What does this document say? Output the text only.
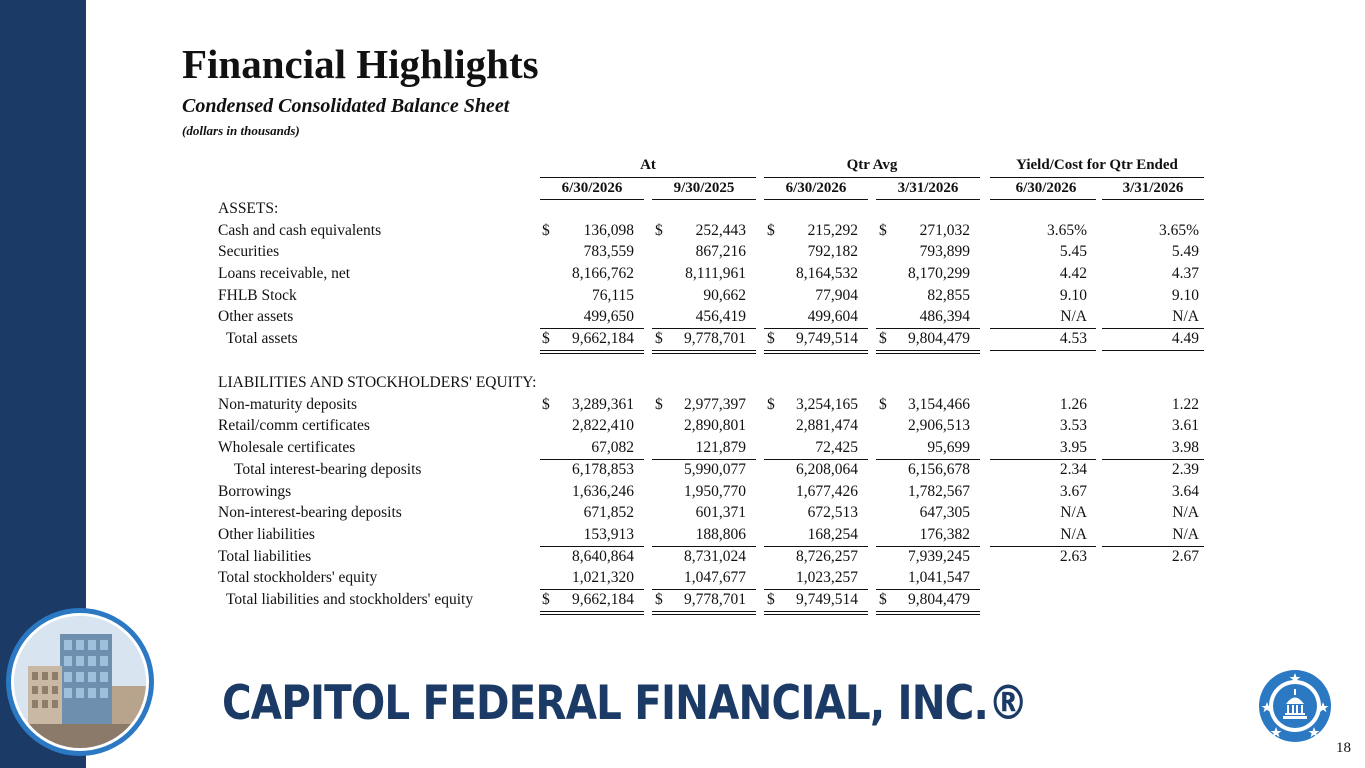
Financial Highlights
Condensed Consolidated Balance Sheet
(dollars in thousands)
At	Qtr Avg	Yield/Cost for Qtr Ended
6/30/2026	9/30/2025	6/30/2026	3/31/2026	6/30/2026	3/31/2026
ASSETS:
Cash and cash equivalents	136,098	252,443	215,292	271,032	3.65%	3.65%
$	$	$	$
Securities	783,559	867,216	792,182	793,899	5.45	5.49
Loans receivable, net	8,166,762	8,111,961	8,164,532	8,170,299	4.42	4.37
FHLB Stock	76,115	90,662	77,904	82,855	9.10	9.10
Other assets	499,650	456,419	499,604	486,394	N/A	N/A
Total assets	9,662,184	9,778,701	9,749,514	9,804,479	4.53	4.49
$	$	$	$
LIABILITIES AND STOCKHOLDERS' EQUITY:
Non-maturity deposits	3,289,361	2,977,397	3,254,165	3,154,466	1.26	1.22
$	$	$	$
Retail/comm certificates	2,822,410	2,890,801	2,881,474	2,906,513	3.53	3.61
Wholesale certificates	67,082	121,879	72,425	95,699	3.95	3.98
Total interest-bearing deposits	6,178,853	5,990,077	6,208,064	6,156,678	2.34	2.39
Borrowings	1,636,246	1,950,770	1,677,426	1,782,567	3.67	3.64
Non-interest-bearing deposits	671,852	601,371	672,513	647,305	N/A	N/A
Other liabilities	153,913	188,806	168,254	176,382	N/A	N/A
Total liabilities	8,640,864	8,731,024	8,726,257	7,939,245	2.63	2.67
Total stockholders' equity	1,021,320	1,047,677	1,023,257	1,041,547
Total liabilities and stockholders' equity	9,662,184	9,778,701	9,749,514	9,804,479
$	$	$	$
CAPITOL FEDERAL FINANCIAL, INC.®
18
